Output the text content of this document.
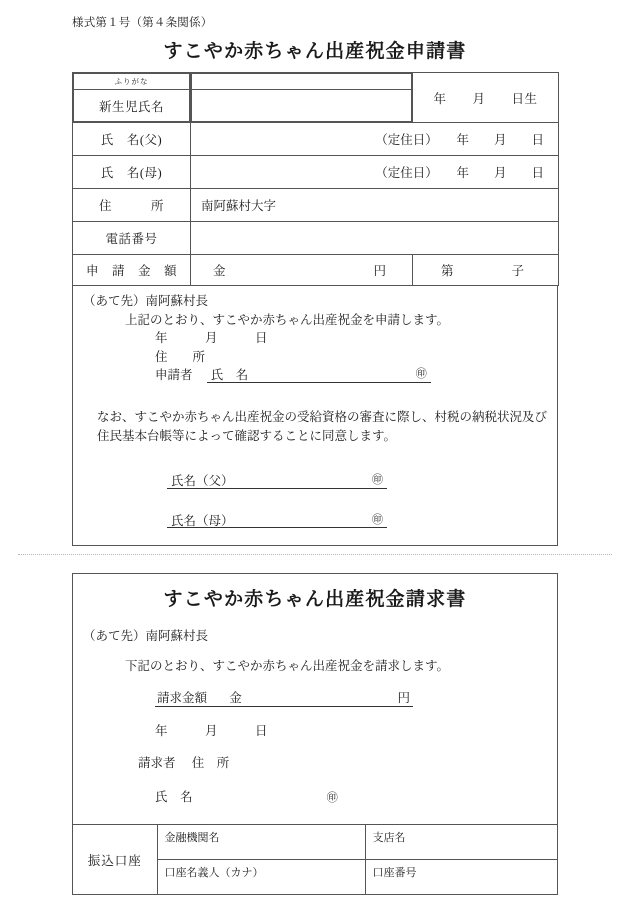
様式第１号（第４条関係）
すこやか赤ちゃん出産祝金申請書
ふりがな
新生児氏名

	年　　月　　日生
氏　名(父)	（定住日）　　年　　月　　日
氏　名(母)	（定住日）　　年　　月　　日
住　　　所	南阿蘇村大字
電話番号	
申　請　金　額	金	円	第	子

（あて先）南阿蘇村長

上記のとおり、すこやか赤ちゃん出産祝金を申請します。

年　　　月　　　日

住　　所

申請者 氏　名	㊞

なお、すこやか赤ちゃん出産祝金の受給資格の審査に際し、村税の納税状況及び住民基本台帳等によって確認することに同意します。

氏名（父）	㊞

氏名（母）	㊞

すこやか赤ちゃん出産祝金請求書

（あて先）南阿蘇村長

下記のとおり、すこやか赤ちゃん出産祝金を請求します。

請求金額 金	円

年　　　月　　　日

請求者 住　所

氏　名	㊞

振込口座	金融機関名	支店名
	口座名義人（カナ）	口座番号
